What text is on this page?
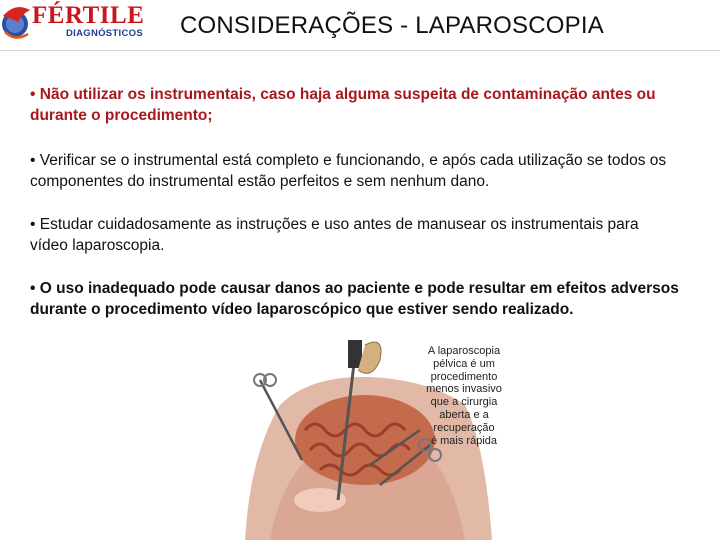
FÉRTILE
DIAGNÓSTICOS CONSIDERAÇÕES - LAPAROSCOPIA
• Não utilizar os instrumentais, caso haja alguma suspeita de contaminação antes ou durante o procedimento;
• Verificar se o instrumental está completo e funcionando, e após cada utilização se todos os componentes do instrumental estão perfeitos e sem nenhum dano.
• Estudar cuidadosamente as instruções e uso antes de manusear os instrumentais para vídeo laparoscopia.
• O uso inadequado pode causar danos ao paciente e pode resultar em efeitos adversos durante o procedimento vídeo laparoscópico que estiver sendo realizado.
A laparoscopia
pélvica é um
procedimento
menos invasivo
que a cirurgia
aberta e a
recuperação
é mais rápida
